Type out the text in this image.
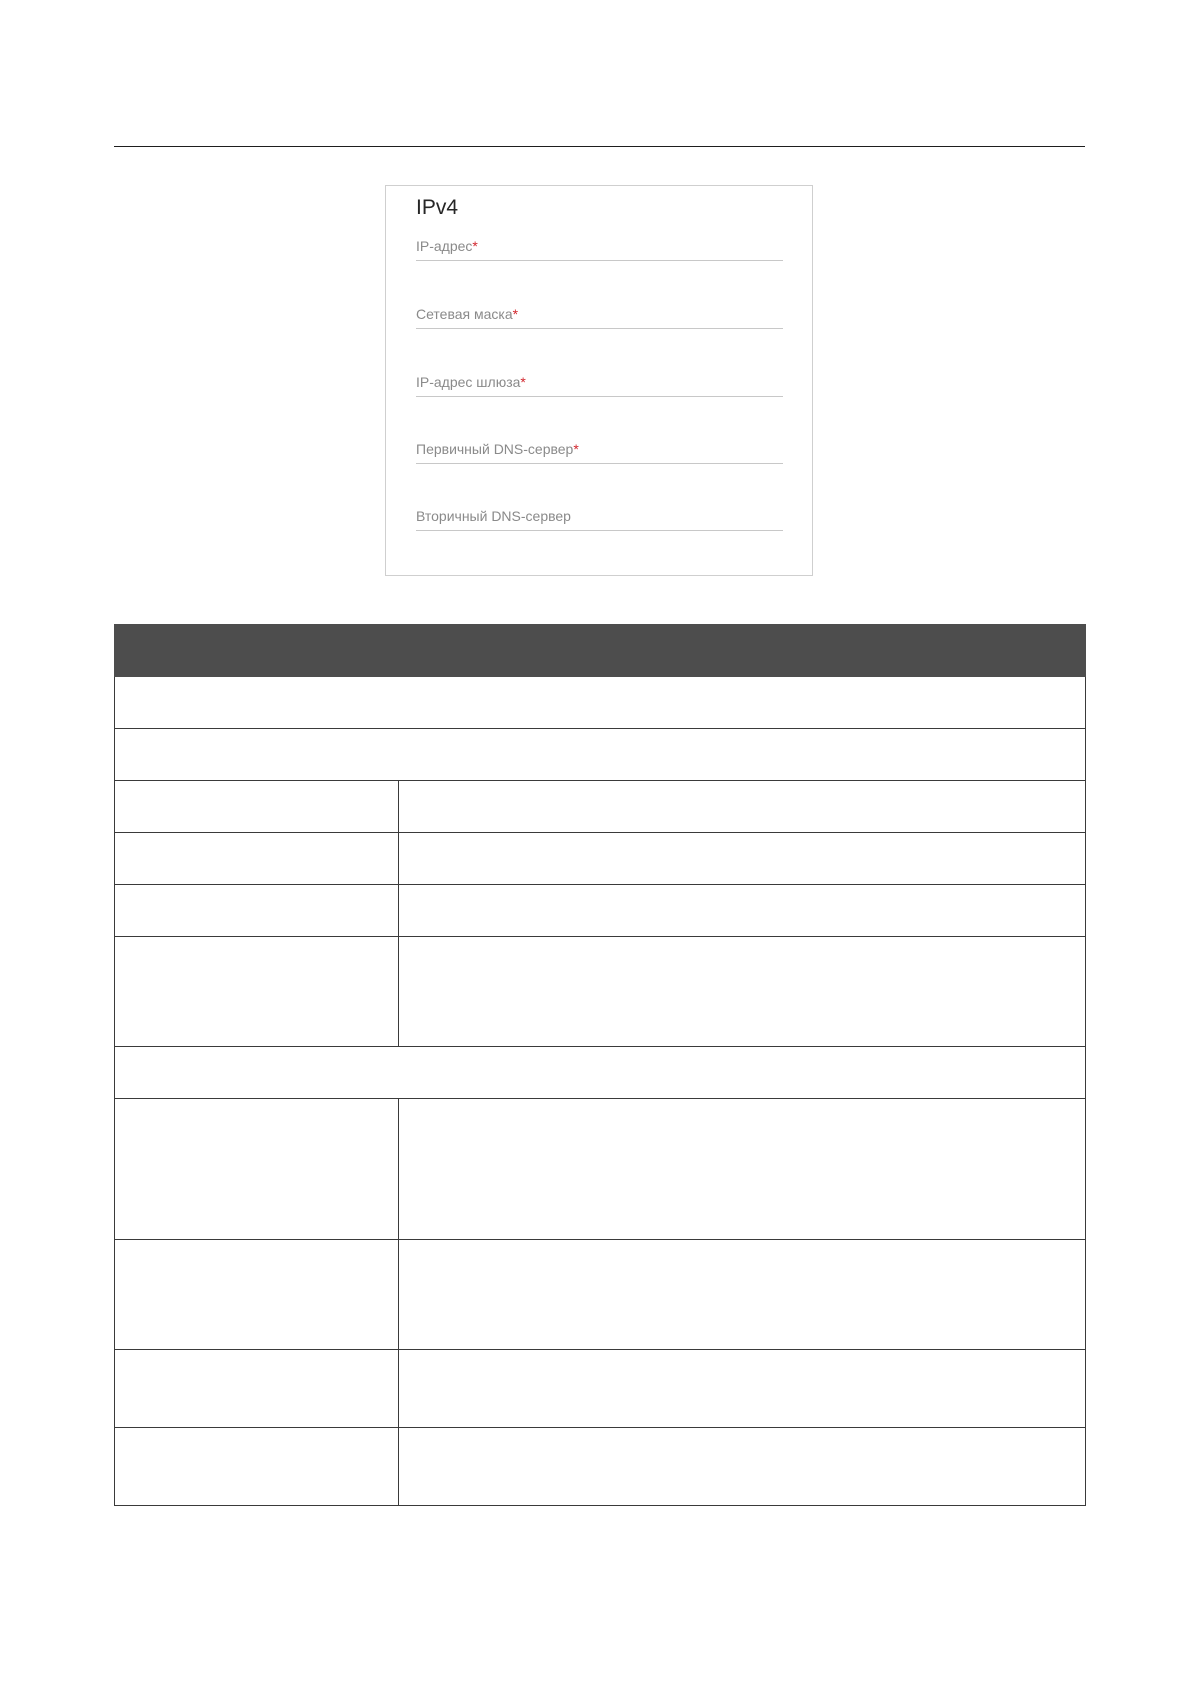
IPv4
IP-адрес*
Сетевая маска*
IP-адрес шлюза*
Первичный DNS-сервер*
Вторичный DNS-сервер
